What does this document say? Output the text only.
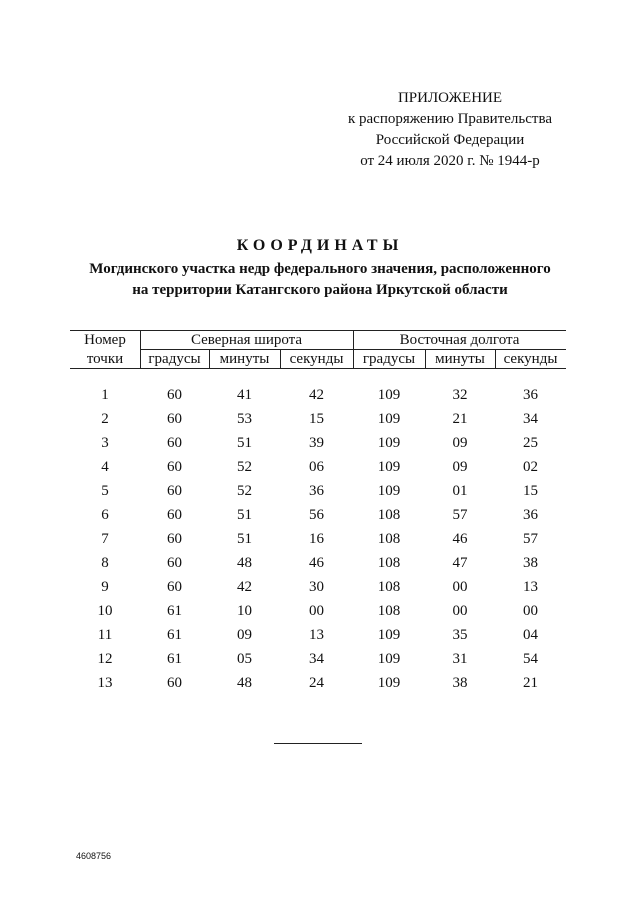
ПРИЛОЖЕНИЕ
к распоряжению Правительства
Российской Федерации
от 24 июля 2020 г. № 1944-р
КООРДИНАТЫ
Могдинского участка недр федерального значения, расположенного
на территории Катангского района Иркутской области
Номер
точки
Северная широта	Восточная долгота
градусы	минуты	секунды	градусы	минуты	секунды
1	60	41	42	109	32	36
2	60	53	15	109	21	34
3	60	51	39	109	09	25
4	60	52	06	109	09	02
5	60	52	36	109	01	15
6	60	51	56	108	57	36
7	60	51	16	108	46	57
8	60	48	46	108	47	38
9	60	42	30	108	00	13
10	61	10	00	108	00	00
11	61	09	13	109	35	04
12	61	05	34	109	31	54
13	60	48	24	109	38	21
4608756
